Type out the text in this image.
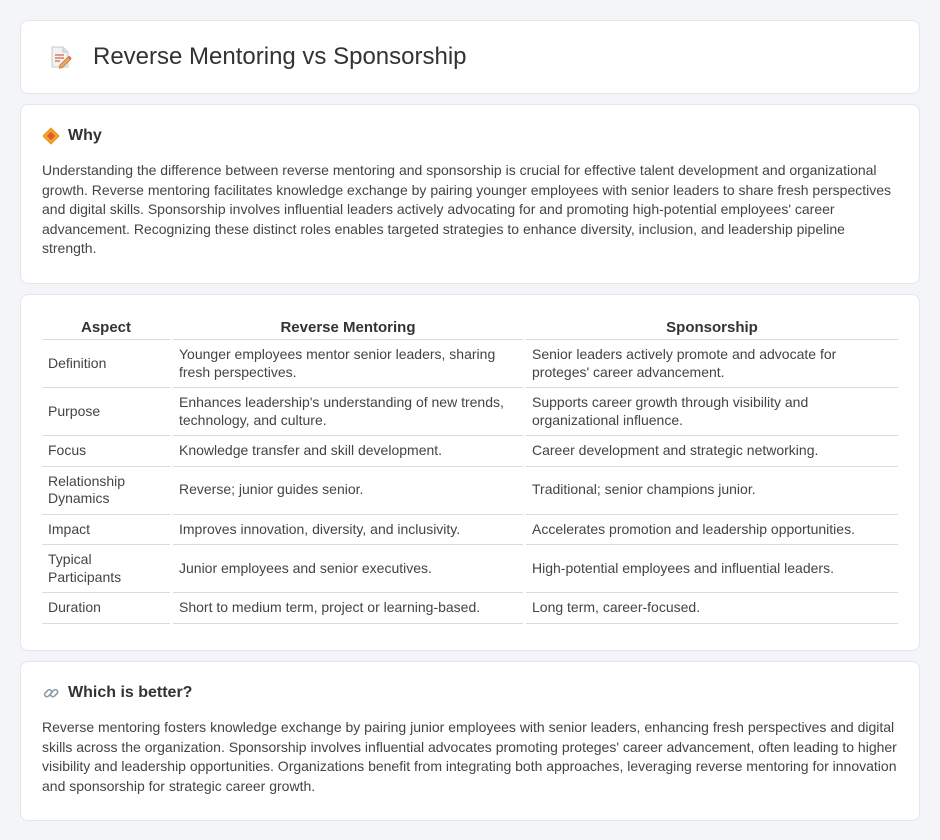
Reverse Mentoring vs Sponsorship
Why

Understanding the difference between reverse mentoring and sponsorship is crucial for effective talent development and organizational growth. Reverse mentoring facilitates knowledge exchange by pairing younger employees with senior leaders to share fresh perspectives and digital skills. Sponsorship involves influential leaders actively advocating for and promoting high-potential employees' career advancement. Recognizing these distinct roles enables targeted strategies to enhance diversity, inclusion, and leadership pipeline strength.

Aspect	Reverse Mentoring	Sponsorship
Definition	Younger employees mentor senior leaders, sharing fresh perspectives.	Senior leaders actively promote and advocate for proteges' career advancement.
Purpose	Enhances leadership's understanding of new trends, technology, and culture.	Supports career growth through visibility and organizational influence.
Focus	Knowledge transfer and skill development.	Career development and strategic networking.
Relationship Dynamics	Reverse; junior guides senior.	Traditional; senior champions junior.
Impact	Improves innovation, diversity, and inclusivity.	Accelerates promotion and leadership opportunities.
Typical Participants	Junior employees and senior executives.	High-potential employees and influential leaders.
Duration	Short to medium term, project or learning-based.	Long term, career-focused.
Which is better?

Reverse mentoring fosters knowledge exchange by pairing junior employees with senior leaders, enhancing fresh perspectives and digital skills across the organization. Sponsorship involves influential advocates promoting proteges' career advancement, often leading to higher visibility and leadership opportunities. Organizations benefit from integrating both approaches, leveraging reverse mentoring for innovation and sponsorship for strategic career growth.
